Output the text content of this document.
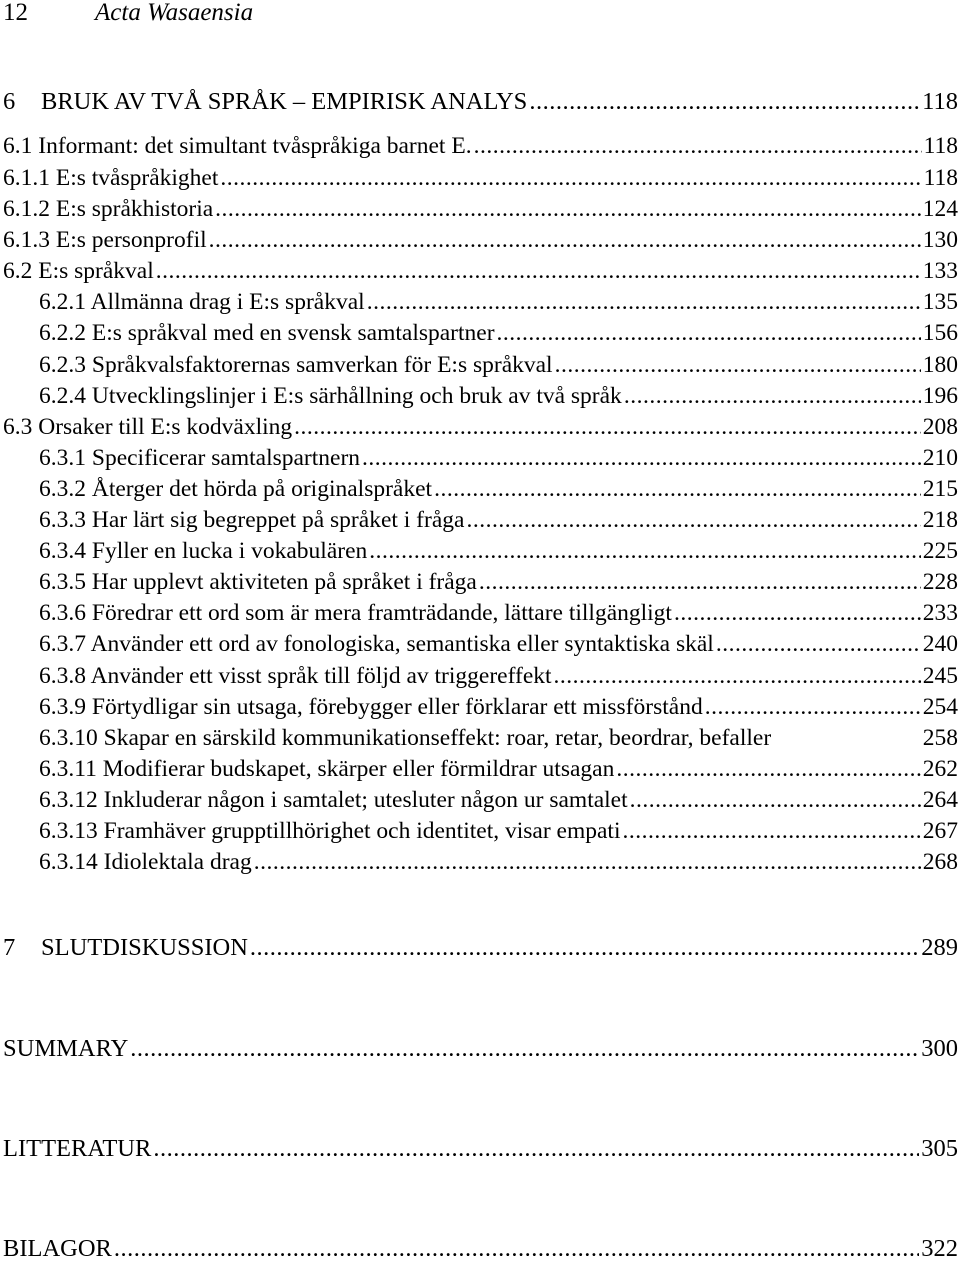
12	Acta Wasaensia
6 BRUK AV TVÅ SPRÅK – EMPIRISK ANALYS .....	118
6.1 Informant: det simultant tvåspråkiga barnet E. .....	118
6.1.1 E:s tvåspråkighet .....	118
6.1.2 E:s språkhistoria .....	124
6.1.3 E:s personprofil .....	130
6.2 E:s språkval .....	133
6.2.1 Allmänna drag i E:s språkval .....	135
6.2.2 E:s språkval med en svensk samtalspartner .....	156
6.2.3 Språkvalsfaktorernas samverkan för E:s språkval .....	180
6.2.4 Utvecklingslinjer i E:s särhållning och bruk av två språk .....	196
6.3 Orsaker till E:s kodväxling .....	208
6.3.1 Specificerar samtalspartnern .....	210
6.3.2 Återger det hörda på originalspråket .....	215
6.3.3 Har lärt sig begreppet på språket i fråga .....	218
6.3.4 Fyller en lucka i vokabulären .....	225
6.3.5 Har upplevt aktiviteten på språket i fråga .....	228
6.3.6 Föredrar ett ord som är mera framträdande, lättare tillgängligt .....	233
6.3.7 Använder ett ord av fonologiska, semantiska eller syntaktiska skäl .....	240
6.3.8 Använder ett visst språk till följd av triggereffekt .....	245
6.3.9 Förtydligar sin utsaga, förebygger eller förklarar ett missförstånd .....	254
6.3.10 Skapar en särskild kommunikationseffekt: roar, retar, beordrar, befaller	258
6.3.11 Modifierar budskapet, skärper eller förmildrar utsagan .....	262
6.3.12 Inkluderar någon i samtalet; utesluter någon ur samtalet .....	264
6.3.13 Framhäver grupptillhörighet och identitet, visar empati .....	267
6.3.14 Idiolektala drag .....	268
7 SLUTDISKUSSION .....	289
SUMMARY .....	300
LITTERATUR .....	305
BILAGOR .....	322
